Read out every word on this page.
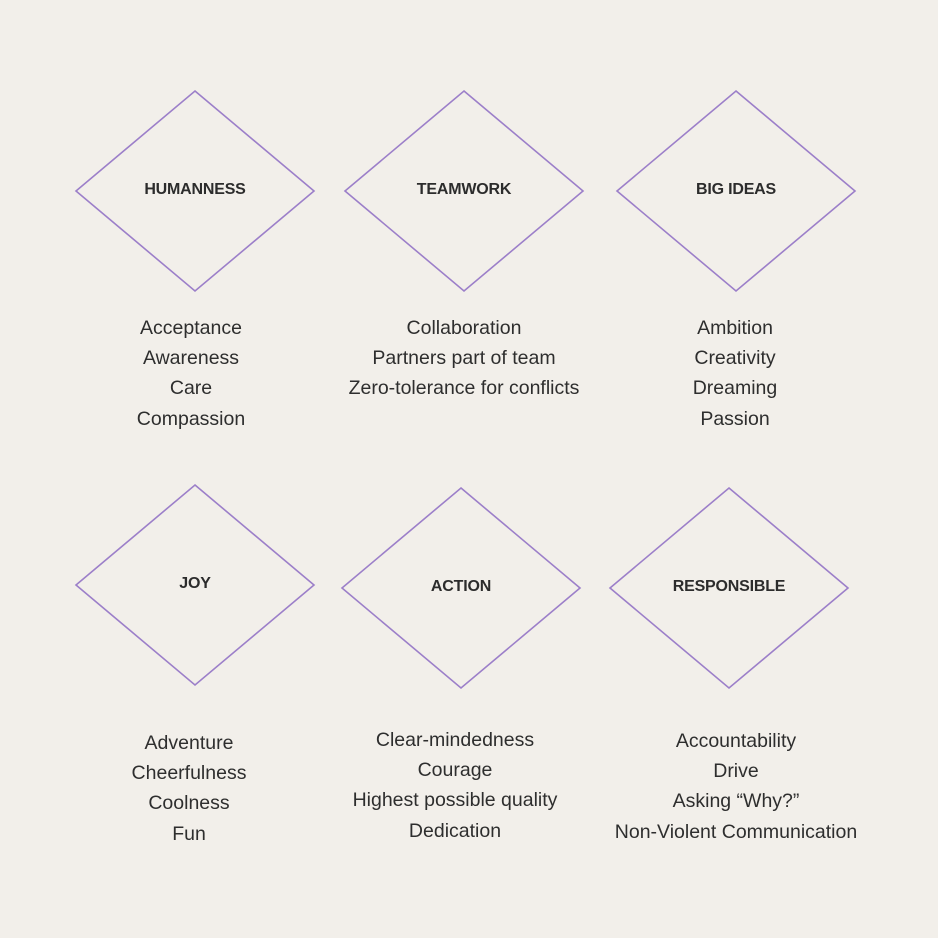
HUMANNESS
Acceptance
Awareness
Care
Compassion
TEAMWORK
Collaboration
Partners part of team
Zero-tolerance for conflicts
BIG IDEAS
Ambition
Creativity
Dreaming
Passion
JOY
Adventure
Cheerfulness
Coolness
Fun
ACTION
Clear-mindedness
Courage
Highest possible quality
Dedication
RESPONSIBLE
Accountability
Drive
Asking “Why?”
Non-Violent Communication
